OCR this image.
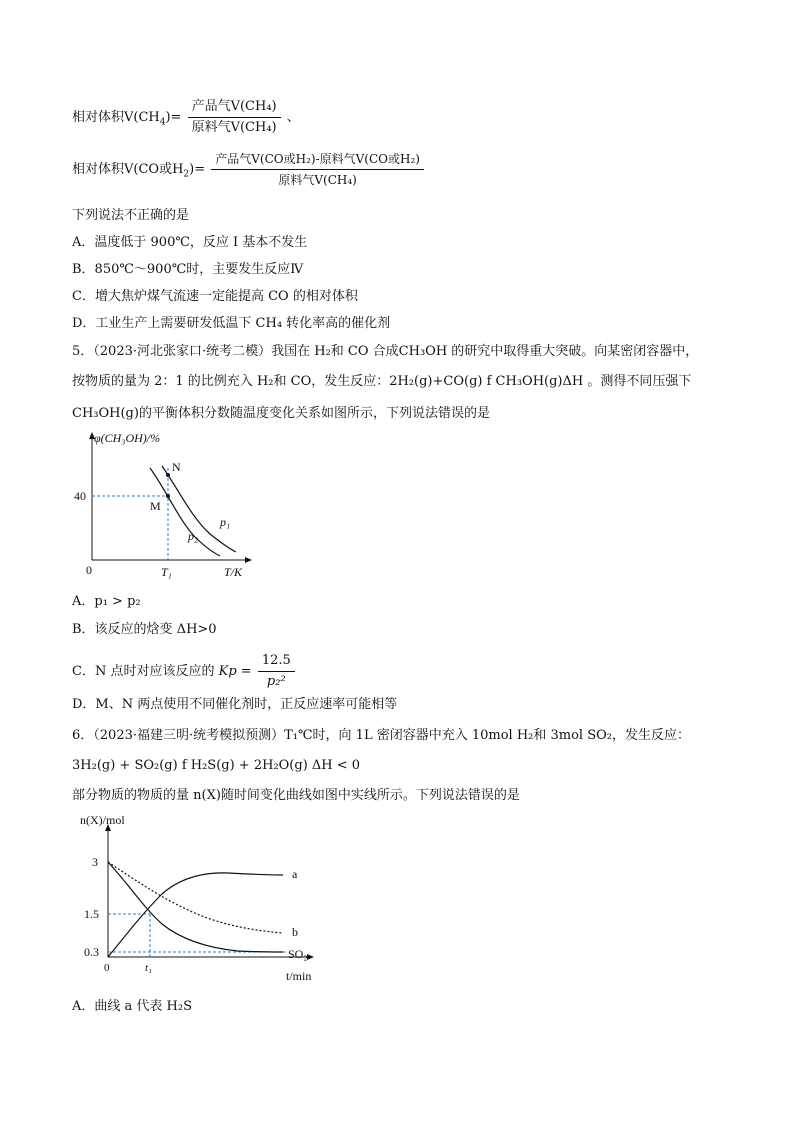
相对体积$V(CH_4)= \frac{\text{产品气V(CH₄)}}{\text{原料气V(CH₄)}}$ 、
相对体积V(CO或$H_2)= \frac{\text{产品气V(CO或H₂)-原料气V(CO或H₂)}}{\text{原料气V(CH₄)}}$
下列说法不正确的是
A．温度低于 900℃，反应 I 基本不发生
B．850℃～900℃时，主要发生反应Ⅳ
C．增大焦炉煤气流速一定能提高 CO 的相对体积
D．工业生产上需要研发低温下 CH₄ 转化率高的催化剂
5．（2023·河北张家口·统考二模）我国在 H₂和 CO 合成CH₃OH 的研究中取得重大突破。向某密闭容器中，
按物质的量为 2：1 的比例充入 H₂和 CO，发生反应：2H₂(g)+CO(g) f CH₃OH(g)ΔH 。测得不同压强下
CH₃OH(g)的平衡体积分数随温度变化关系如图所示，下列说法错误的是
φ(CH₃OH)/%
40
0	T₁	T/K
N
M
p₁
p₂
A．p₁ > p₂
B．该反应的焓变 ΔH>0
C．N 点时对应该反应的 $Kp = \frac{12.5}{\text{p₂²}}$
D．M、N 两点使用不同催化剂时，正反应速率可能相等
6．（2023·福建三明·统考模拟预测）T₁℃时，向 1L 密闭容器中充入 10mol H₂和 3mol SO₂，发生反应：
3H₂(g) + SO₂(g) f H₂S(g) + 2H₂O(g) ΔH < 0
部分物质的物质的量 n(X)随时间变化曲线如图中实线所示。下列说法错误的是
n(X)/mol
3
1.5
0.3
0	t₁
t/min
a
b
SO₂
A．曲线 a 代表 H₂S
